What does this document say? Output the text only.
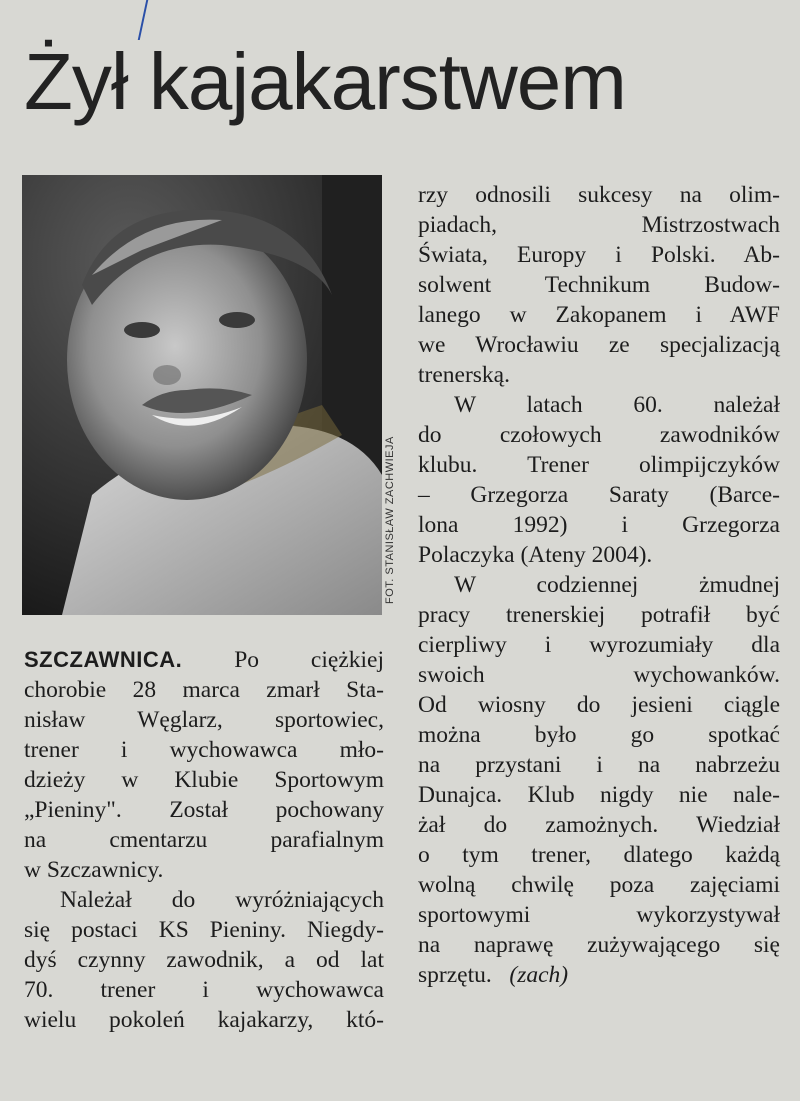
Żył kajakarstwem
FOT. STANISŁAW ZACHWIEJA
SZCZAWNICA. Po ciężkiej
chorobie 28 marca zmarł Sta-
nisław Węglarz, sportowiec,
trener i wychowawca mło-
dzieży w Klubie Sportowym
„Pieniny". Został pochowany
na cmentarzu parafialnym
w Szczawnicy.
Należał do wyróżniających
się postaci KS Pieniny. Niegdy-
dyś czynny zawodnik, a od lat
70. trener i wychowawca
wielu pokoleń kajakarzy, któ-
rzy odnosili sukcesy na olim-
piadach, Mistrzostwach
Świata, Europy i Polski. Ab-
solwent Technikum Budow-
lanego w Zakopanem i AWF
we Wrocławiu ze specjalizacją
trenerską.
W latach 60. należał
do czołowych zawodników
klubu. Trener olimpijczyków
– Grzegorza Saraty (Barce-
lona 1992) i Grzegorza
Polaczyka (Ateny 2004).
W codziennej żmudnej
pracy trenerskiej potrafił być
cierpliwy i wyrozumiały dla
swoich wychowanków.
Od wiosny do jesieni ciągle
można było go spotkać
na przystani i na nabrzeżu
Dunajca. Klub nigdy nie nale-
żał do zamożnych. Wiedział
o tym trener, dlatego każdą
wolną chwilę poza zajęciami
sportowymi wykorzystywał
na naprawę zużywającego się
sprzętu. (zach)
